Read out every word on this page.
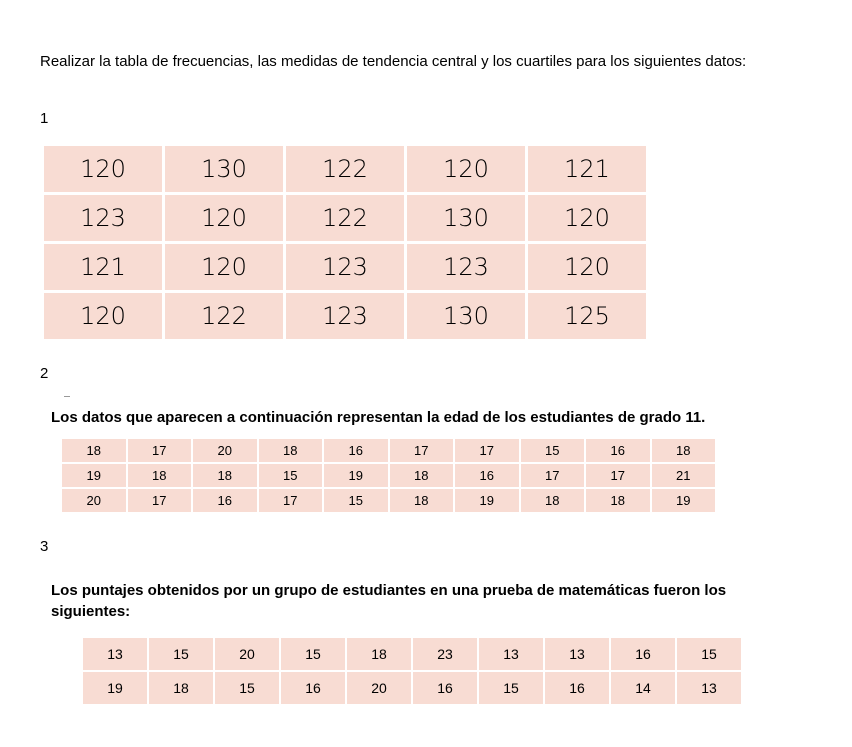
Realizar la tabla de frecuencias, las medidas de tendencia central y los cuartiles para los siguientes datos:
1
120	130	122	120	121
123	120	122	130	120
121	120	123	123	120
120	122	123	130	125
2
Los datos que aparecen a continuación representan la edad de los estudiantes de grado 11.
18	17	20	18	16	17	17	15	16	18
19	18	18	15	19	18	16	17	17	21
20	17	16	17	15	18	19	18	18	19
3
Los puntajes obtenidos por un grupo de estudiantes en una prueba de matemáticas fueron los siguientes:
13	15	20	15	18	23	13	13	16	15
19	18	15	16	20	16	15	16	14	13
